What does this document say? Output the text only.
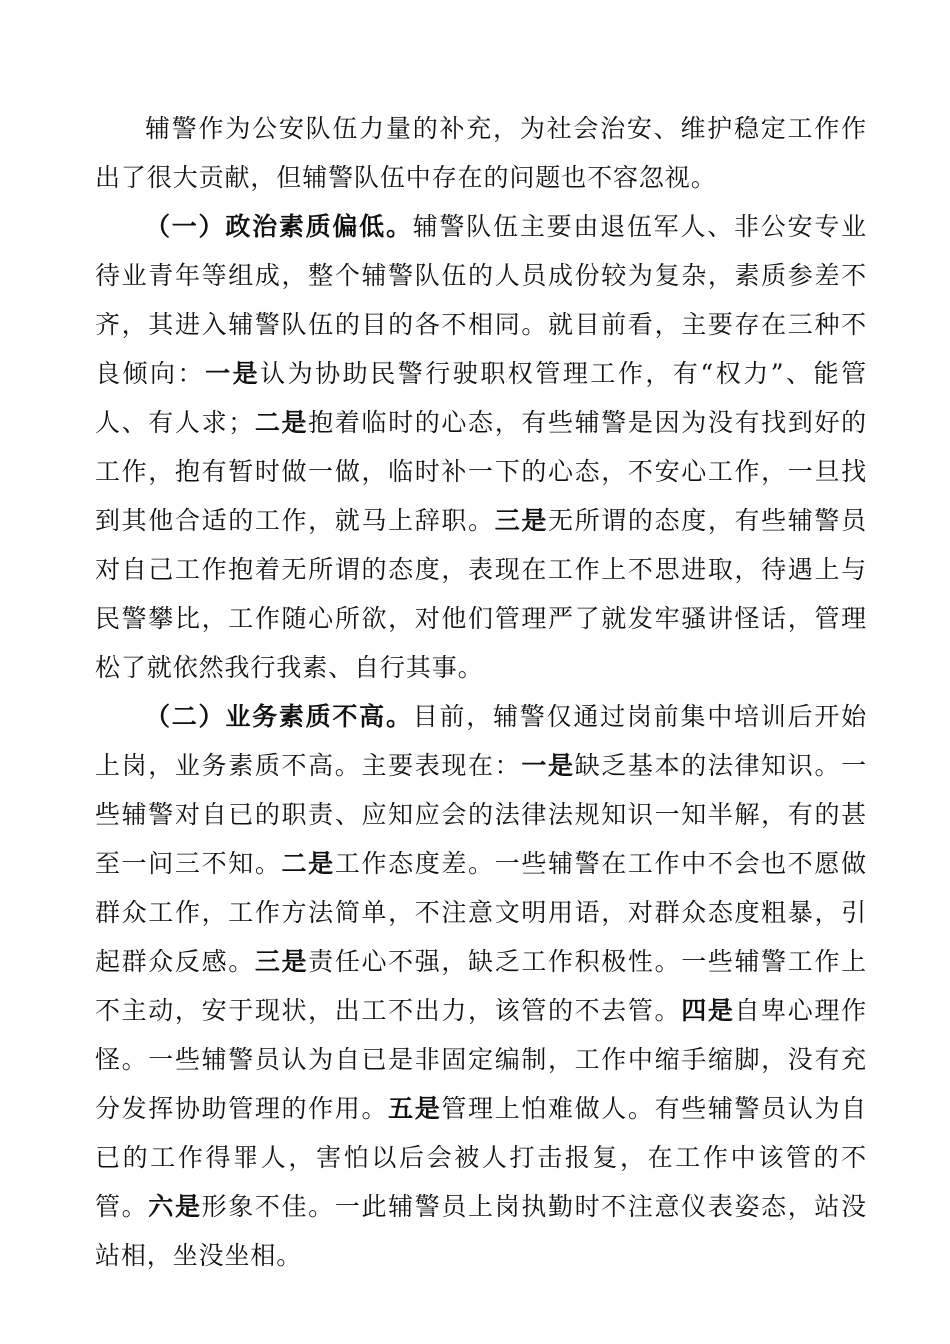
辅警作为公安队伍力量的补充，为社会治安、维护稳定工作作出了很大贡献，但辅警队伍中存在的问题也不容忽视。

（一）政治素质偏低。辅警队伍主要由退伍军人、非公安专业待业青年等组成，整个辅警队伍的人员成份较为复杂，素质参差不齐，其进入辅警队伍的目的各不相同。就目前看，主要存在三种不良倾向：一是认为协助民警行驶职权管理工作，有“权力”、能管人、有人求；二是抱着临时的心态，有些辅警是因为没有找到好的工作，抱有暂时做一做，临时补一下的心态，不安心工作，一旦找到其他合适的工作，就马上辞职。三是无所谓的态度，有些辅警员对自己工作抱着无所谓的态度，表现在工作上不思进取，待遇上与民警攀比，工作随心所欲，对他们管理严了就发牢骚讲怪话，管理松了就依然我行我素、自行其事。

（二）业务素质不高。目前，辅警仅通过岗前集中培训后开始上岗，业务素质不高。主要表现在：一是缺乏基本的法律知识。一些辅警对自已的职责、应知应会的法律法规知识一知半解，有的甚至一问三不知。二是工作态度差。一些辅警在工作中不会也不愿做群众工作，工作方法简单，不注意文明用语，对群众态度粗暴，引起群众反感。三是责任心不强，缺乏工作积极性。一些辅警工作上不主动，安于现状，出工不出力，该管的不去管。四是自卑心理作怪。一些辅警员认为自已是非固定编制，工作中缩手缩脚，没有充分发挥协助管理的作用。五是管理上怕难做人。有些辅警员认为自已的工作得罪人，害怕以后会被人打击报复，在工作中该管的不管。六是形象不佳。一此辅警员上岗执勤时不注意仪表姿态，站没站相，坐没坐相。
